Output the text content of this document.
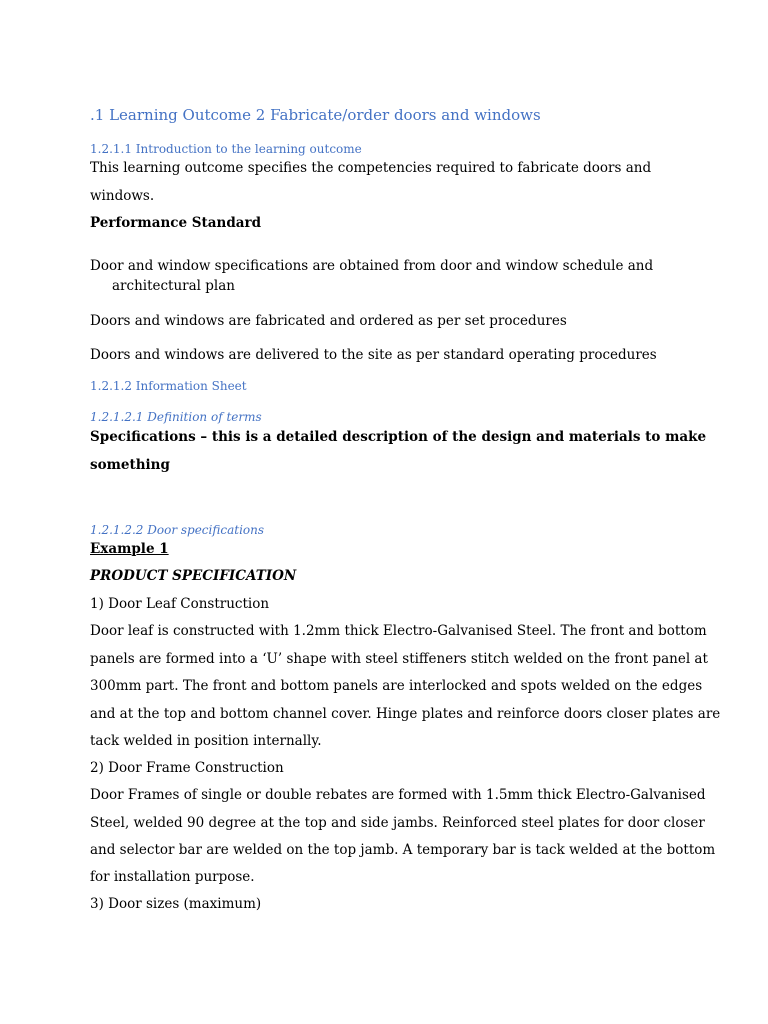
.1 Learning Outcome 2 Fabricate/order doors and windows
1.2.1.1 Introduction to the learning outcome
This learning outcome specifies the competencies required to fabricate doors and
windows.
Performance Standard
Door and window specifications are obtained from door and window schedule and
architectural plan
Doors and windows are fabricated and ordered as per set procedures
Doors and windows are delivered to the site as per standard operating procedures
1.2.1.2 Information Sheet
1.2.1.2.1 Definition of terms
Specifications – this is a detailed description of the design and materials to make
something
1.2.1.2.2 Door specifications
Example 1
PRODUCT SPECIFICATION
1) Door Leaf Construction
Door leaf is constructed with 1.2mm thick Electro-Galvanised Steel. The front and bottom
panels are formed into a ‘U’ shape with steel stiffeners stitch welded on the front panel at
300mm part. The front and bottom panels are interlocked and spots welded on the edges
and at the top and bottom channel cover. Hinge plates and reinforce doors closer plates are
tack welded in position internally.
2) Door Frame Construction
Door Frames of single or double rebates are formed with 1.5mm thick Electro-Galvanised
Steel, welded 90 degree at the top and side jambs. Reinforced steel plates for door closer
and selector bar are welded on the top jamb. A temporary bar is tack welded at the bottom
for installation purpose.
3) Door sizes (maximum)
